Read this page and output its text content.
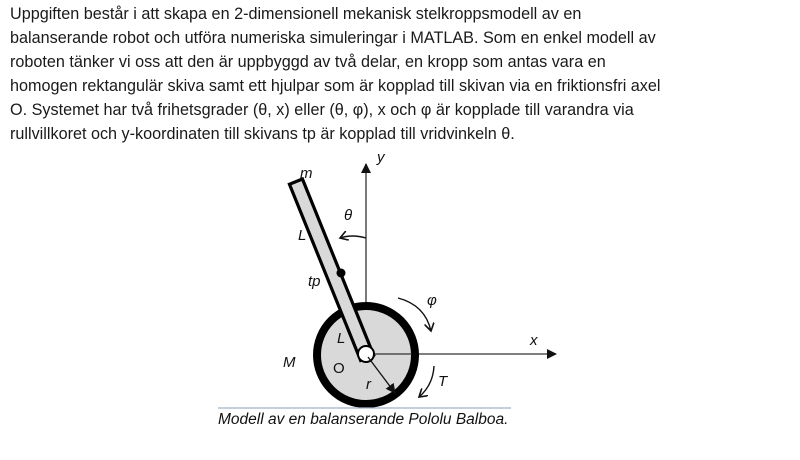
Uppgiften består i att skapa en 2-dimensionell mekanisk stelkroppsmodell av en
balanserande robot och utföra numeriska simuleringar i MATLAB. Som en enkel modell av
roboten tänker vi oss att den är uppbyggd av två delar, en kropp som antas vara en
homogen rektangulär skiva samt ett hjulpar som är kopplad till skivan via en friktionsfri axel
O. Systemet har två frihetsgrader (θ, x) eller (θ, φ), x och φ är kopplade till varandra via
rullvillkoret och y-koordinaten till skivans tp är kopplad till vridvinkeln θ.
y
x
θ
m
L
tp
L
φ
M	O
r	T
Modell av en balanserande Pololu Balboa.
